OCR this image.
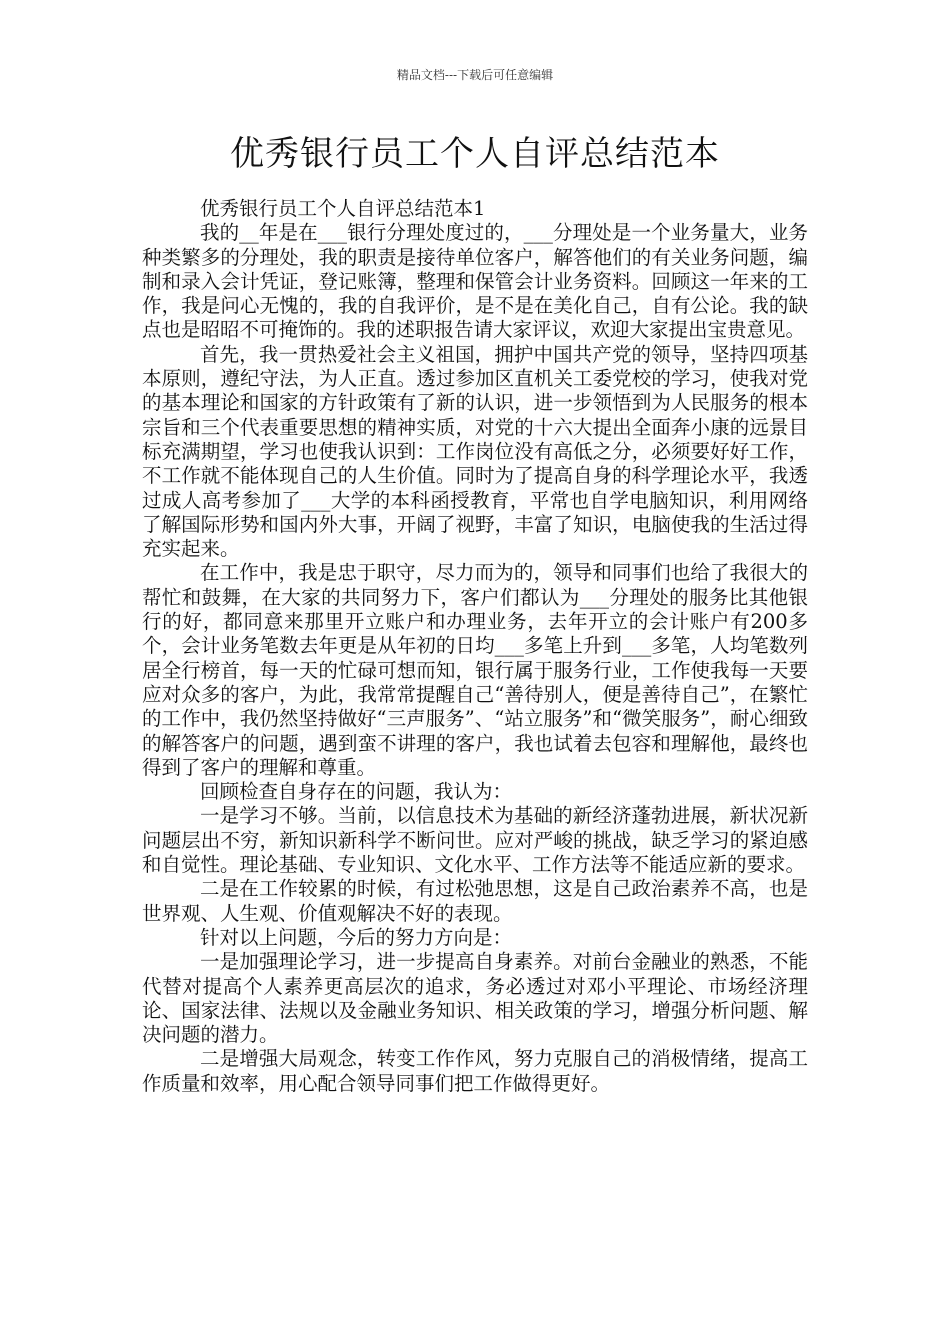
精品文档---下载后可任意编辑
优秀银行员工个人自评总结范本

优秀银行员工个人自评总结范本1

我的__年是在___银行分理处度过的，___分理处是一个业务量大，业务种类繁多的分理处，我的职责是接待单位客户，解答他们的有关业务问题，编制和录入会计凭证，登记账簿，整理和保管会计业务资料。回顾这一年来的工作，我是问心无愧的，我的自我评价，是不是在美化自己，自有公论。我的缺点也是昭昭不可掩饰的。我的述职报告请大家评议，欢迎大家提出宝贵意见。

首先，我一贯热爱社会主义祖国，拥护中国共产党的领导，坚持四项基本原则，遵纪守法，为人正直。透过参加区直机关工委党校的学习，使我对党的基本理论和国家的方针政策有了新的认识，进一步领悟到为人民服务的根本宗旨和三个代表重要思想的精神实质，对党的十六大提出全面奔小康的远景目标充满期望，学习也使我认识到：工作岗位没有高低之分，必须要好好工作，不工作就不能体现自己的人生价值。同时为了提高自身的科学理论水平，我透过成人高考参加了___大学的本科函授教育，平常也自学电脑知识，利用网络了解国际形势和国内外大事，开阔了视野，丰富了知识，电脑使我的生活过得充实起来。

在工作中，我是忠于职守，尽力而为的，领导和同事们也给了我很大的帮忙和鼓舞，在大家的共同努力下，客户们都认为___分理处的服务比其他银行的好，都同意来那里开立账户和办理业务，去年开立的会计账户有200多个，会计业务笔数去年更是从年初的日均___多笔上升到___多笔，人均笔数列居全行榜首，每一天的忙碌可想而知，银行属于服务行业，工作使我每一天要应对众多的客户，为此，我常常提醒自己“善待别人，便是善待自己”，在繁忙的工作中，我仍然坚持做好“三声服务”、“站立服务”和“微笑服务”，耐心细致的解答客户的问题，遇到蛮不讲理的客户，我也试着去包容和理解他，最终也得到了客户的理解和尊重。

回顾检查自身存在的问题，我认为：

一是学习不够。当前，以信息技术为基础的新经济蓬勃进展，新状况新问题层出不穷，新知识新科学不断问世。应对严峻的挑战，缺乏学习的紧迫感和自觉性。理论基础、专业知识、文化水平、工作方法等不能适应新的要求。

二是在工作较累的时候，有过松弛思想，这是自己政治素养不高，也是世界观、人生观、价值观解决不好的表现。

针对以上问题，今后的努力方向是：

一是加强理论学习，进一步提高自身素养。对前台金融业的熟悉，不能代替对提高个人素养更高层次的追求，务必透过对邓小平理论、市场经济理论、国家法律、法规以及金融业务知识、相关政策的学习，增强分析问题、解决问题的潜力。

二是增强大局观念，转变工作作风，努力克服自己的消极情绪，提高工作质量和效率，用心配合领导同事们把工作做得更好。
